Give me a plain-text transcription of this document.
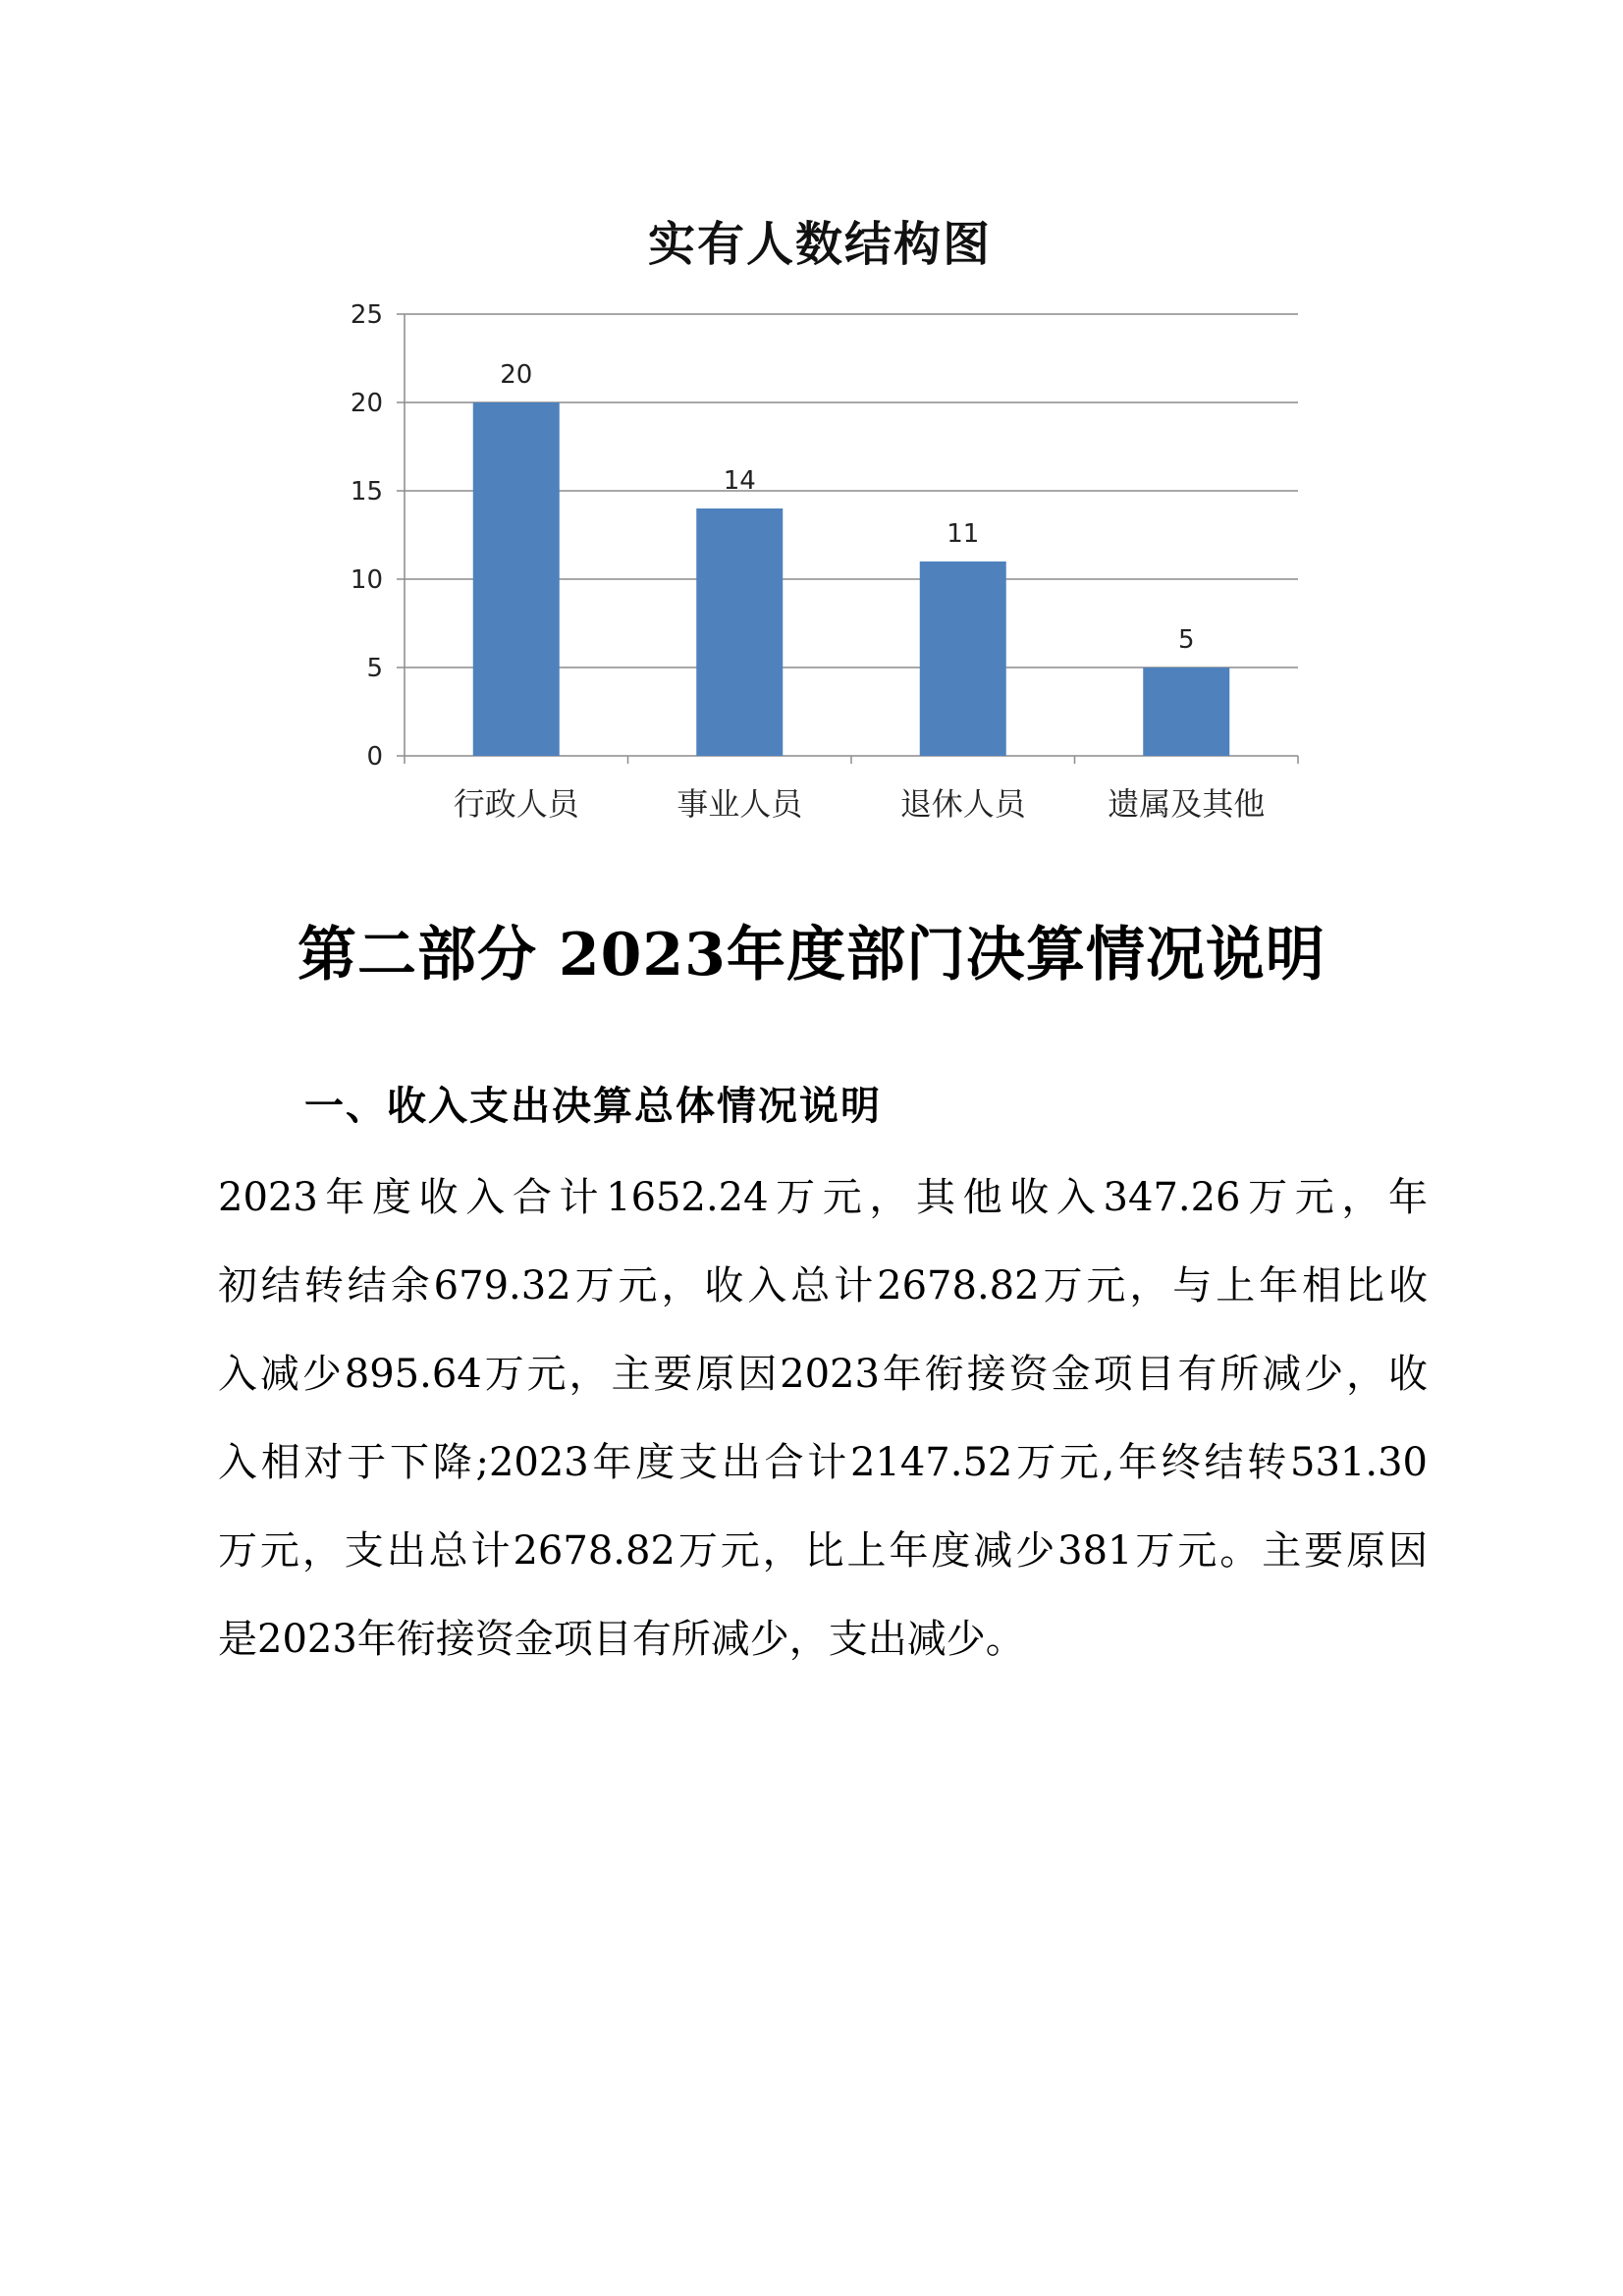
实有人数结构图
0
5
10
15
20
25
20
行政人员
14
事业人员
11
退休人员
5
遗属及其他
第二部分 2023年度部门决算情况说明
一、收入支出决算总体情况说明
2023年度收入合计1652.24万元，其他收入347.26万元，年
初结转结余679.32万元，收入总计2678.82万元，与上年相比收
入减少895.64万元，主要原因2023年衔接资金项目有所减少，收
入相对于下降;2023年度支出合计2147.52万元,年终结转531.30
万元，支出总计2678.82万元，比上年度减少381万元。主要原因
是2023年衔接资金项目有所减少，支出减少。
